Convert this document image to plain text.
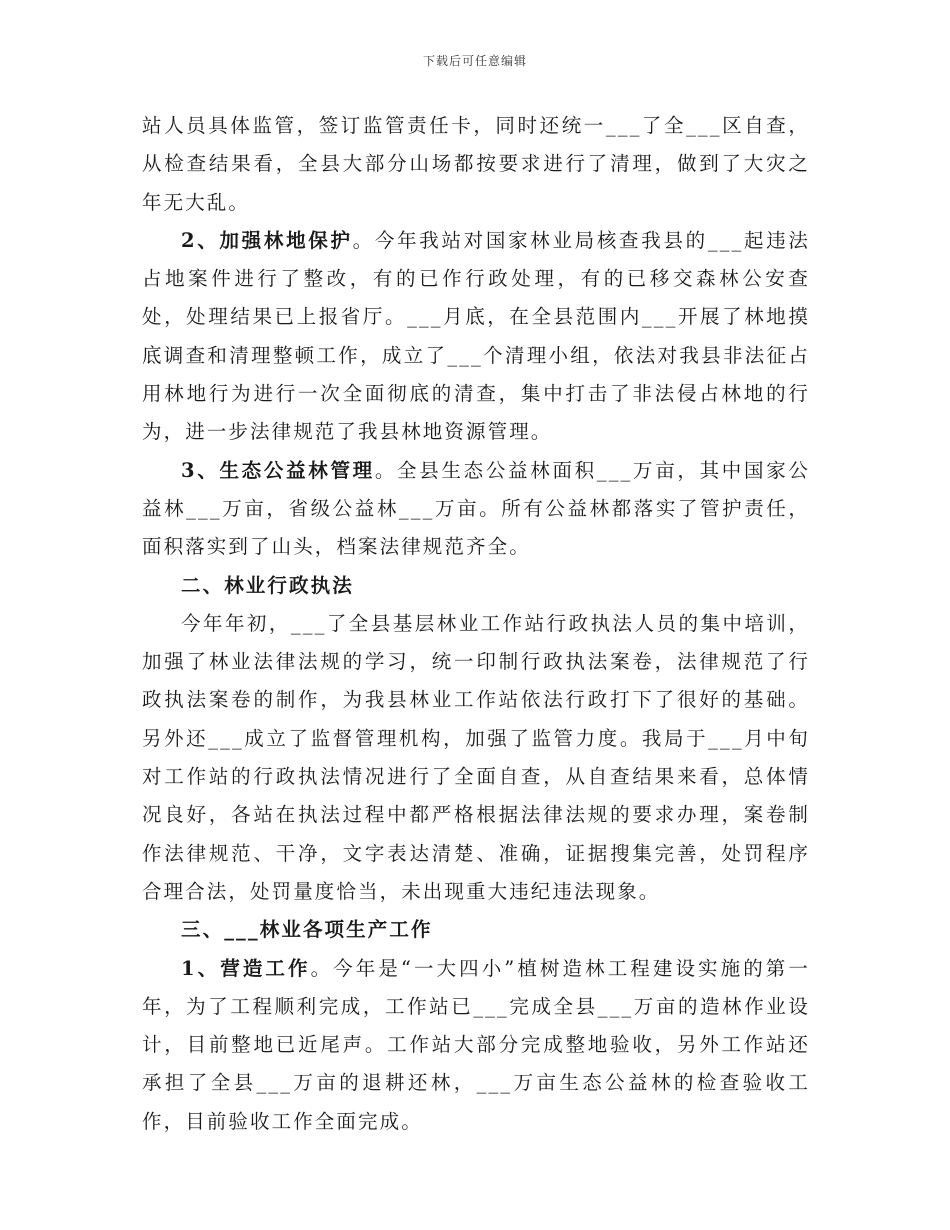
下载后可任意编辑

站人员具体监管，签订监管责任卡，同时还统一___了全___区自查，从检查结果看，全县大部分山场都按要求进行了清理，做到了大灾之年无大乱。

2、加强林地保护。今年我站对国家林业局核查我县的___起违法占地案件进行了整改，有的已作行政处理，有的已移交森林公安查处，处理结果已上报省厅。___月底，在全县范围内___开展了林地摸底调查和清理整顿工作，成立了___个清理小组，依法对我县非法征占用林地行为进行一次全面彻底的清查，集中打击了非法侵占林地的行为，进一步法律规范了我县林地资源管理。

3、生态公益林管理。全县生态公益林面积___万亩，其中国家公益林___万亩，省级公益林___万亩。所有公益林都落实了管护责任，面积落实到了山头，档案法律规范齐全。

二、林业行政执法

今年年初，___了全县基层林业工作站行政执法人员的集中培训，加强了林业法律法规的学习，统一印制行政执法案卷，法律规范了行政执法案卷的制作，为我县林业工作站依法行政打下了很好的基础。另外还___成立了监督管理机构，加强了监管力度。我局于___月中旬对工作站的行政执法情况进行了全面自查，从自查结果来看，总体情况良好，各站在执法过程中都严格根据法律法规的要求办理，案卷制作法律规范、干净，文字表达清楚、准确，证据搜集完善，处罚程序合理合法，处罚量度恰当，未出现重大违纪违法现象。

三、___林业各项生产工作

1、营造工作。今年是“一大四小”植树造林工程建设实施的第一年，为了工程顺利完成，工作站已___完成全县___万亩的造林作业设计，目前整地已近尾声。工作站大部分完成整地验收，另外工作站还承担了全县___万亩的退耕还林，___万亩生态公益林的检查验收工作，目前验收工作全面完成。
